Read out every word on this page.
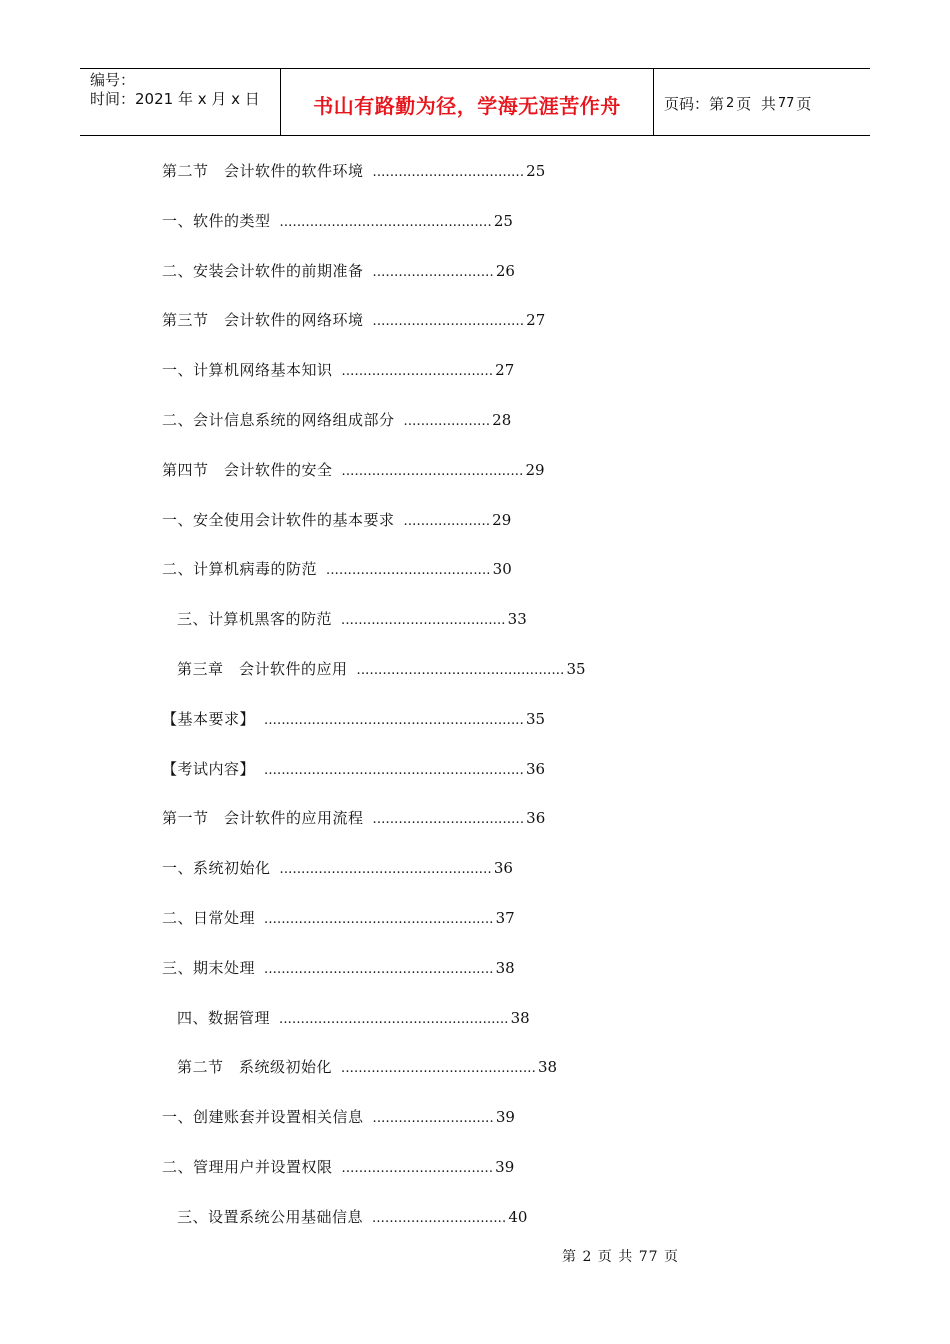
编号：
时间：2021 年 x 月 x 日	书山有路勤为径，学海无涯苦作舟	页码：第 2 页  共 77 页
第二节　会计软件的软件环境 ................................... 25
一、软件的类型 ................................................. 25
二、安装会计软件的前期准备 ............................ 26
第三节　会计软件的网络环境 ................................... 27
一、计算机网络基本知识 ................................... 27
二、会计信息系统的网络组成部分 .................... 28
第四节　会计软件的安全 .......................................... 29
一、安全使用会计软件的基本要求 .................... 29
二、计算机病毒的防范 ...................................... 30
三、计算机黑客的防范 ...................................... 33
第三章　会计软件的应用 ................................................ 35
【基本要求】 ............................................................ 35
【考试内容】 ............................................................ 36
第一节　会计软件的应用流程 ................................... 36
一、系统初始化 ................................................. 36
二、日常处理 ..................................................... 37
三、期末处理 ..................................................... 38
四、数据管理 ..................................................... 38
第二节　系统级初始化 ............................................. 38
一、创建账套并设置相关信息 ............................ 39
二、管理用户并设置权限 ................................... 39
三、设置系统公用基础信息 ............................... 40
第 2 页 共 77 页
